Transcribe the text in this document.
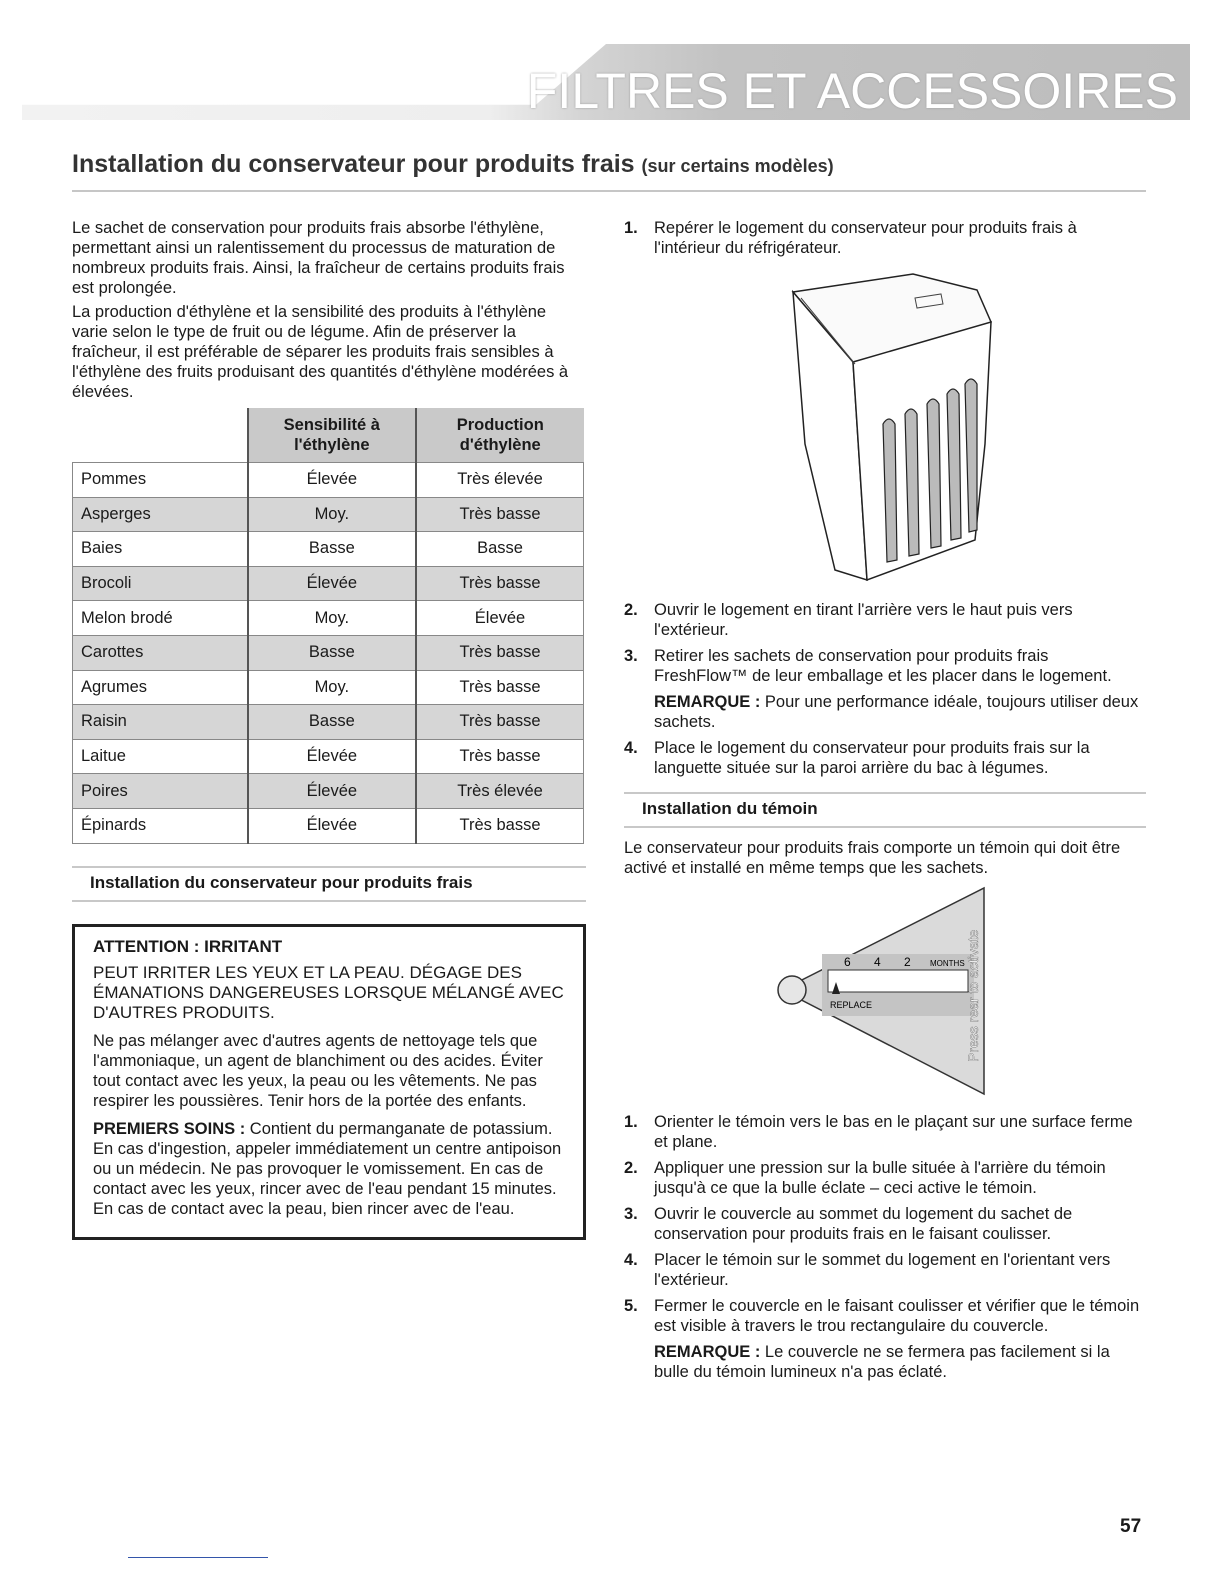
FILTRES ET ACCESSOIRES
Installation du conservateur pour produits frais (sur certains modèles)

Le sachet de conservation pour produits frais absorbe l'éthylène, permettant ainsi un ralentissement du processus de maturation de nombreux produits frais. Ainsi, la fraîcheur de certains produits frais est prolongée.

La production d'éthylène et la sensibilité des produits à l'éthylène varie selon le type de fruit ou de légume. Afin de préserver la fraîcheur, il est préférable de séparer les produits frais sensibles à l'éthylène des fruits produisant des quantités d'éthylène modérées à élevées.

	Sensibilité à l'éthylène	Production d'éthylène
Pommes	Élevée	Très élevée
Asperges	Moy.	Très basse
Baies	Basse	Basse
Brocoli	Élevée	Très basse
Melon brodé	Moy.	Élevée
Carottes	Basse	Très basse
Agrumes	Moy.	Très basse
Raisin	Basse	Très basse
Laitue	Élevée	Très basse
Poires	Élevée	Très élevée
Épinards	Élevée	Très basse
Installation du conservateur pour produits frais
ATTENTION : IRRITANT
PEUT IRRITER LES YEUX ET LA PEAU. DÉGAGE DES ÉMANATIONS DANGEREUSES LORSQUE MÉLANGÉ AVEC D'AUTRES PRODUITS.

Ne pas mélanger avec d'autres agents de nettoyage tels que l'ammoniaque, un agent de blanchiment ou des acides. Éviter tout contact avec les yeux, la peau ou les vêtements. Ne pas respirer les poussières. Tenir hors de la portée des enfants.

PREMIERS SOINS : Contient du permanganate de potassium. En cas d'ingestion, appeler immédiatement un centre antipoison ou un médecin. Ne pas provoquer le vomissement. En cas de contact avec les yeux, rincer avec de l'eau pendant 15 minutes. En cas de contact avec la peau, bien rincer avec de l'eau.

1. Repérer le logement du conservateur pour produits frais à l'intérieur du réfrigérateur.
2. Ouvrir le logement en tirant l'arrière vers le haut puis vers l'extérieur.
3. Retirer les sachets de conservation pour produits frais FreshFlow™ de leur emballage et les placer dans le logement.
REMARQUE : Pour une performance idéale, toujours utiliser deux sachets.
4. Place le logement du conservateur pour produits frais sur la languette située sur la paroi arrière du bac à légumes.
Installation du témoin

Le conservateur pour produits frais comporte un témoin qui doit être activé et installé en même temps que les sachets.

6 4 2 MONTHS
REPLACE	Press rear to activate
1. Orienter le témoin vers le bas en le plaçant sur une surface ferme et plane.
2. Appliquer une pression sur la bulle située à l'arrière du témoin jusqu'à ce que la bulle éclate – ceci active le témoin.
3. Ouvrir le couvercle au sommet du logement du sachet de conservation pour produits frais en le faisant coulisser.
4. Placer le témoin sur le sommet du logement en l'orientant vers l'extérieur.
5. Fermer le couvercle en le faisant coulisser et vérifier que le témoin est visible à travers le trou rectangulaire du couvercle.
REMARQUE : Le couvercle ne se fermera pas facilement si la bulle du témoin lumineux n'a pas éclaté.
57
